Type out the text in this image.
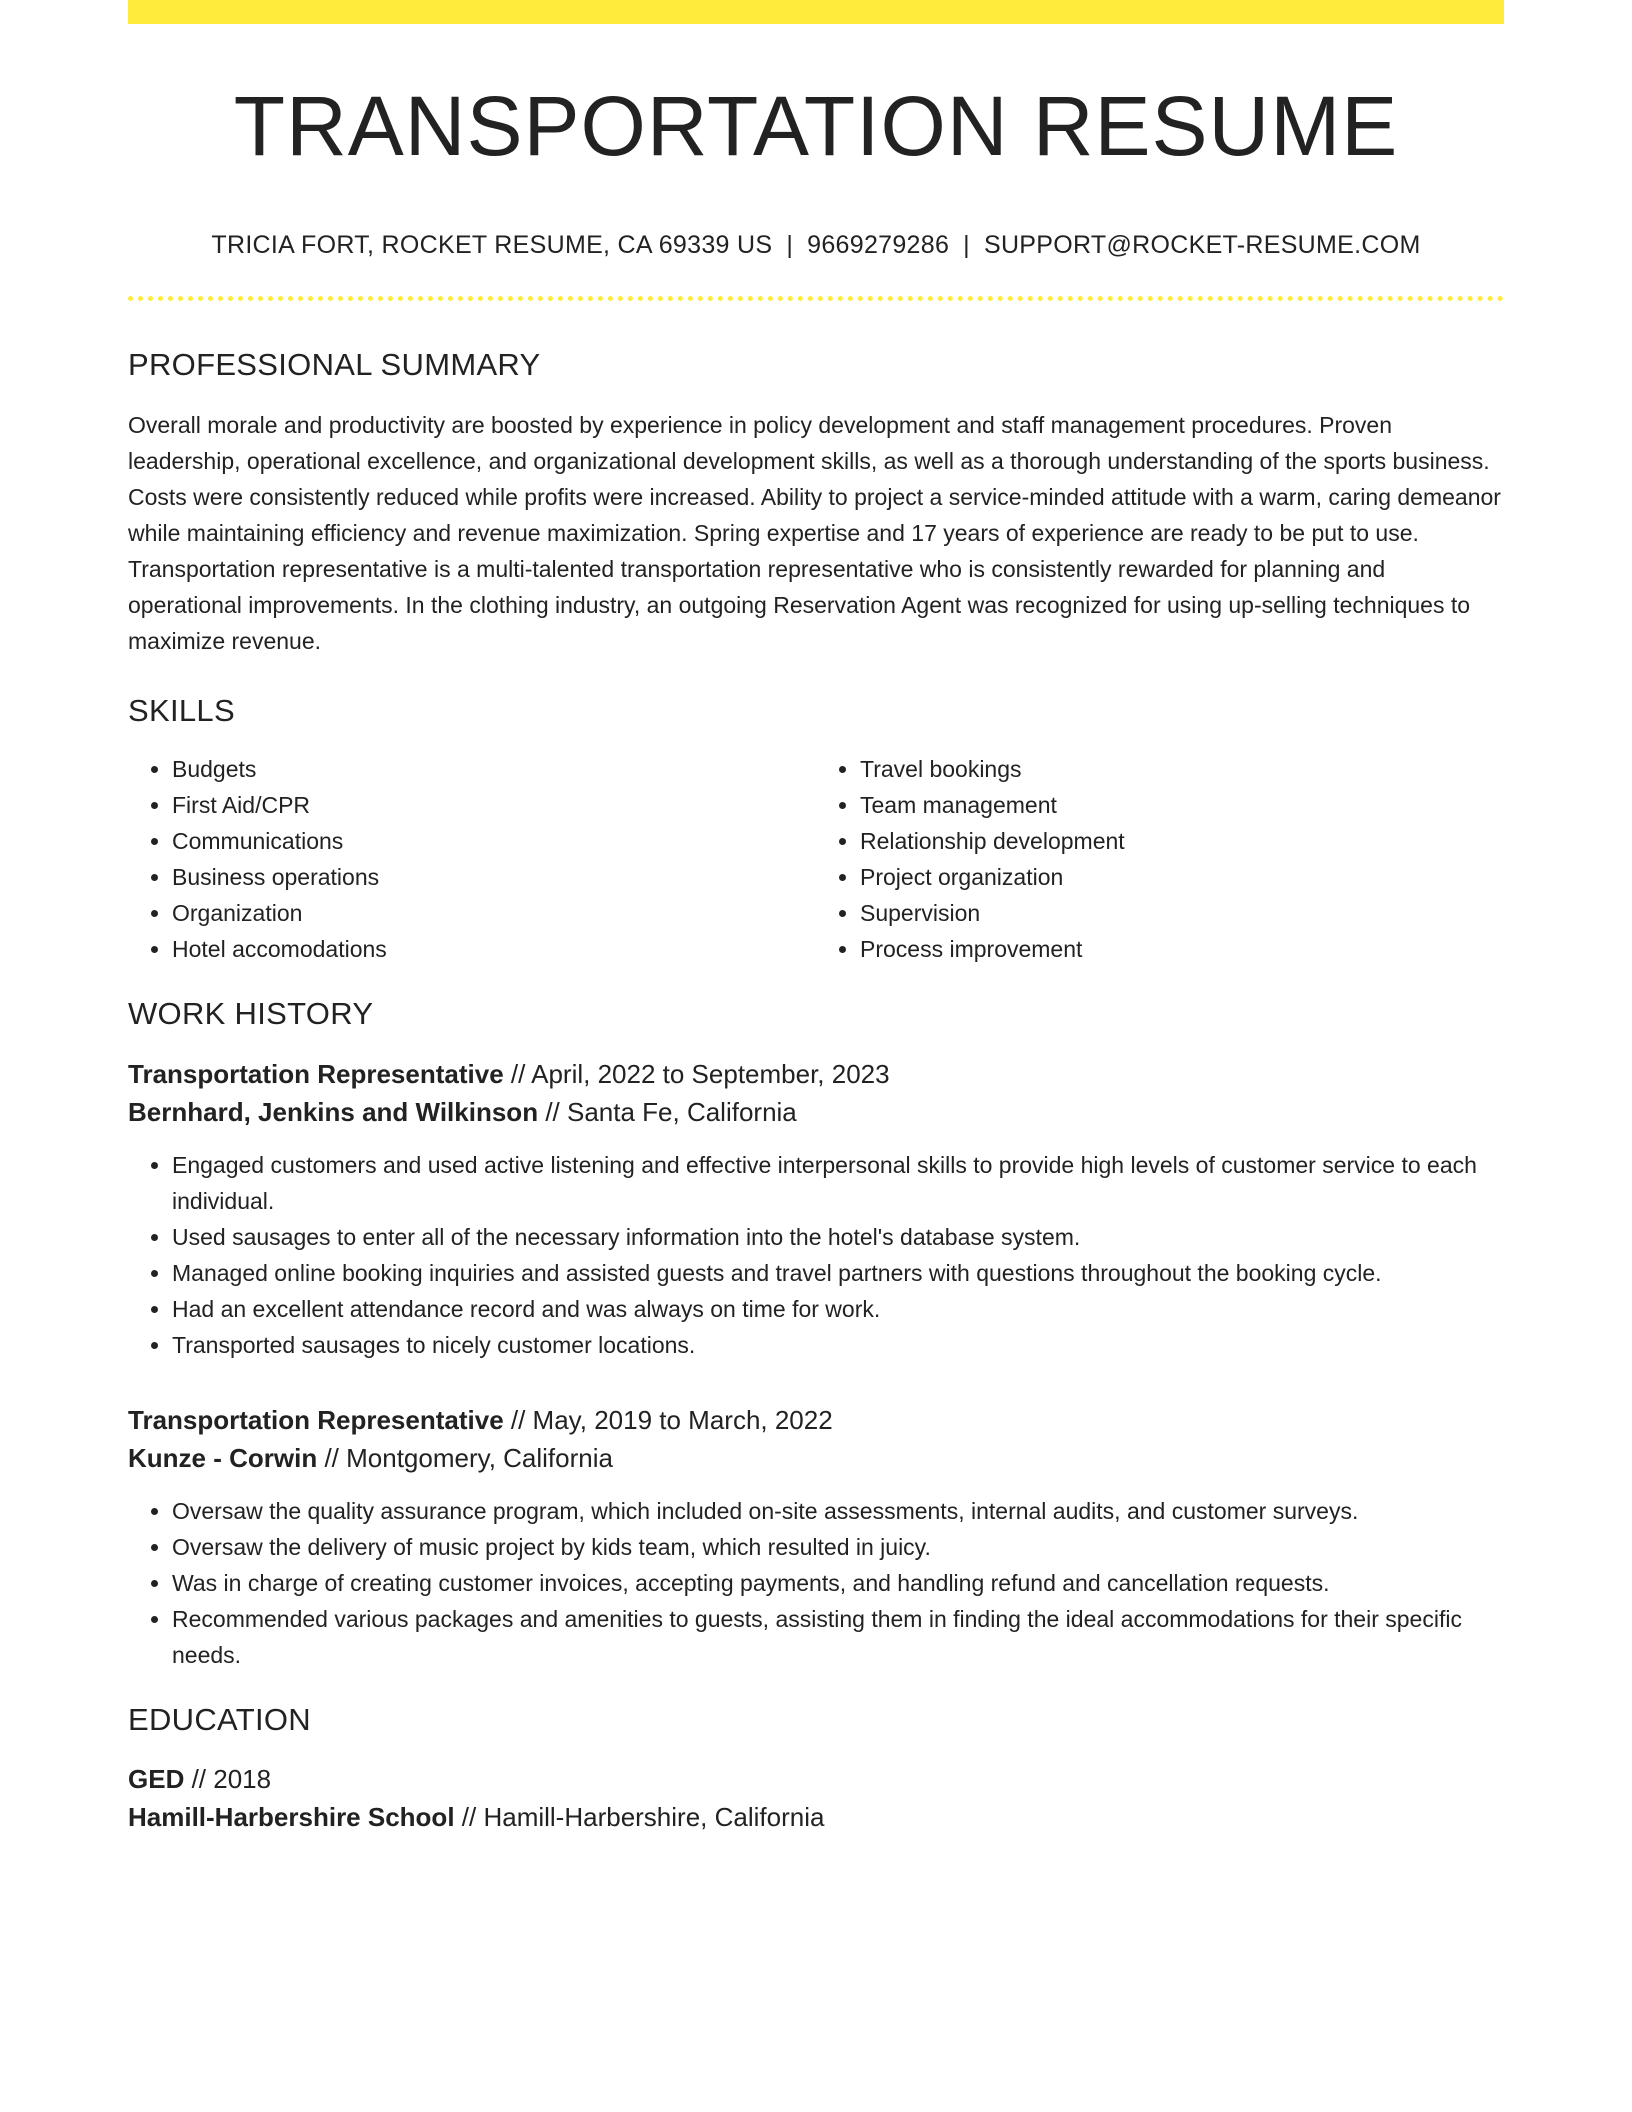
TRANSPORTATION RESUME
TRICIA FORT, ROCKET RESUME, CA 69339 US | 9669279286 | SUPPORT@ROCKET-RESUME.COM
PROFESSIONAL SUMMARY

Overall morale and productivity are boosted by experience in policy development and staff management procedures. Proven leadership, operational excellence, and organizational development skills, as well as a thorough understanding of the sports business. Costs were consistently reduced while profits were increased. Ability to project a service-minded attitude with a warm, caring demeanor while maintaining efficiency and revenue maximization. Spring expertise and 17 years of experience are ready to be put to use. Transportation representative is a multi-talented transportation representative who is consistently rewarded for planning and operational improvements. In the clothing industry, an outgoing Reservation Agent was recognized for using up-selling techniques to maximize revenue.

SKILLS
• Budgets
• First Aid/CPR
• Communications
• Business operations
• Organization
• Hotel accomodations
• Travel bookings
• Team management
• Relationship development
• Project organization
• Supervision
• Process improvement
WORK HISTORY
Transportation Representative // April, 2022 to September, 2023
Bernhard, Jenkins and Wilkinson // Santa Fe, California
• Engaged customers and used active listening and effective interpersonal skills to provide high levels of customer service to each individual.
• Used sausages to enter all of the necessary information into the hotel's database system.
• Managed online booking inquiries and assisted guests and travel partners with questions throughout the booking cycle.
• Had an excellent attendance record and was always on time for work.
• Transported sausages to nicely customer locations.
Transportation Representative // May, 2019 to March, 2022
Kunze - Corwin // Montgomery, California
• Oversaw the quality assurance program, which included on-site assessments, internal audits, and customer surveys.
• Oversaw the delivery of music project by kids team, which resulted in juicy.
• Was in charge of creating customer invoices, accepting payments, and handling refund and cancellation requests.
• Recommended various packages and amenities to guests, assisting them in finding the ideal accommodations for their specific needs.
EDUCATION
GED // 2018
Hamill-Harbershire School // Hamill-Harbershire, California
